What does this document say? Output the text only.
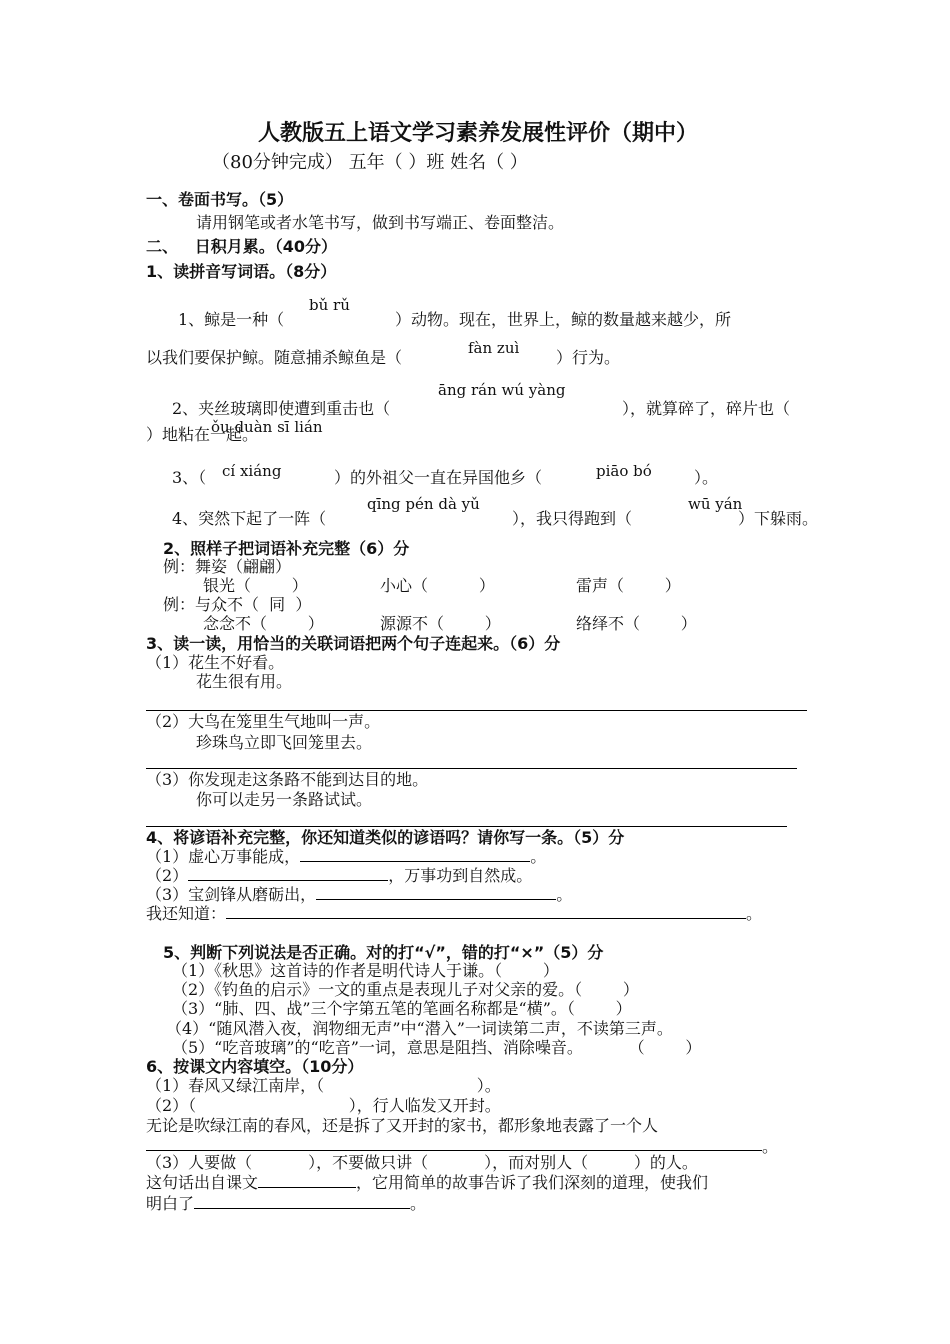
人教版五上语文学习素养发展性评价（期中）
（80分钟完成） 五年（ ）班 姓名（ ）
一、卷面书写。（5）
请用钢笔或者水笔书写，做到书写端正、卷面整洁。
二、   日积月累。（40分）
1、读拼音写词语。（8分）
bǔ rǔ
1、鲸是一种（	）动物。现在，世界上，鲸的数量越来越少，所
fàn zuì
以我们要保护鲸。随意捕杀鲸鱼是（	）行为。
āng rán wú yàng
2、夹丝玻璃即使遭到重击也（	），就算碎了，碎片也（
ǒu duàn sī lián
）地粘在一起。
cí xiáng	piāo bó
3、（	）的外祖父一直在异国他乡（	）。
qīng pén dà yǔ	wū yán
4、突然下起了一阵（	），我只得跑到（	）下躲雨。
2、照样子把词语补充完整（6）分
例：舞姿（翩翩）
银光（        ）	小心（          ）	雷声（        ）
例：与众不（  同  ）
念念不（        ）	源源不（        ）	络绎不（        ）
3、读一读，用恰当的关联词语把两个句子连起来。（6）分
（1）花生不好看。
花生很有用。
（2）大鸟在笼里生气地叫一声。
珍珠鸟立即飞回笼里去。
（3）你发现走这条路不能到达目的地。
你可以走另一条路试试。
4、将谚语补充完整，你还知道类似的谚语吗？请你写一条。（5）分
（1）虚心万事能成，	。
（2）	，万事功到自然成。
（3）宝剑锋从磨砺出，	。
我还知道：	。
5、判断下列说法是否正确。对的打“√”，错的打“×”（5）分
（1）《秋思》这首诗的作者是明代诗人于谦。（        ）
（2）《钓鱼的启示》一文的重点是表现儿子对父亲的爱。（        ）
（3）“肺、四、战”三个字第五笔的笔画名称都是“横”。（        ）
（4）“随风潜入夜，润物细无声”中“潜入”一词读第二声，不读第三声。
（5）“吃音玻璃”的“吃音”一词，意思是阻挡、消除噪音。         （        ）
6、按课文内容填空。（10分）
（1）春风又绿江南岸，（                              ）。
（2）（                              ），行人临发又开封。
无论是吹绿江南的春风，还是拆了又开封的家书，都形象地表露了一个人
。
（3）人要做（           ），不要做只讲（           ），而对别人（         ）的人。
这句话出自课文	，它用简单的故事告诉了我们深刻的道理，使我们
明白了	。
